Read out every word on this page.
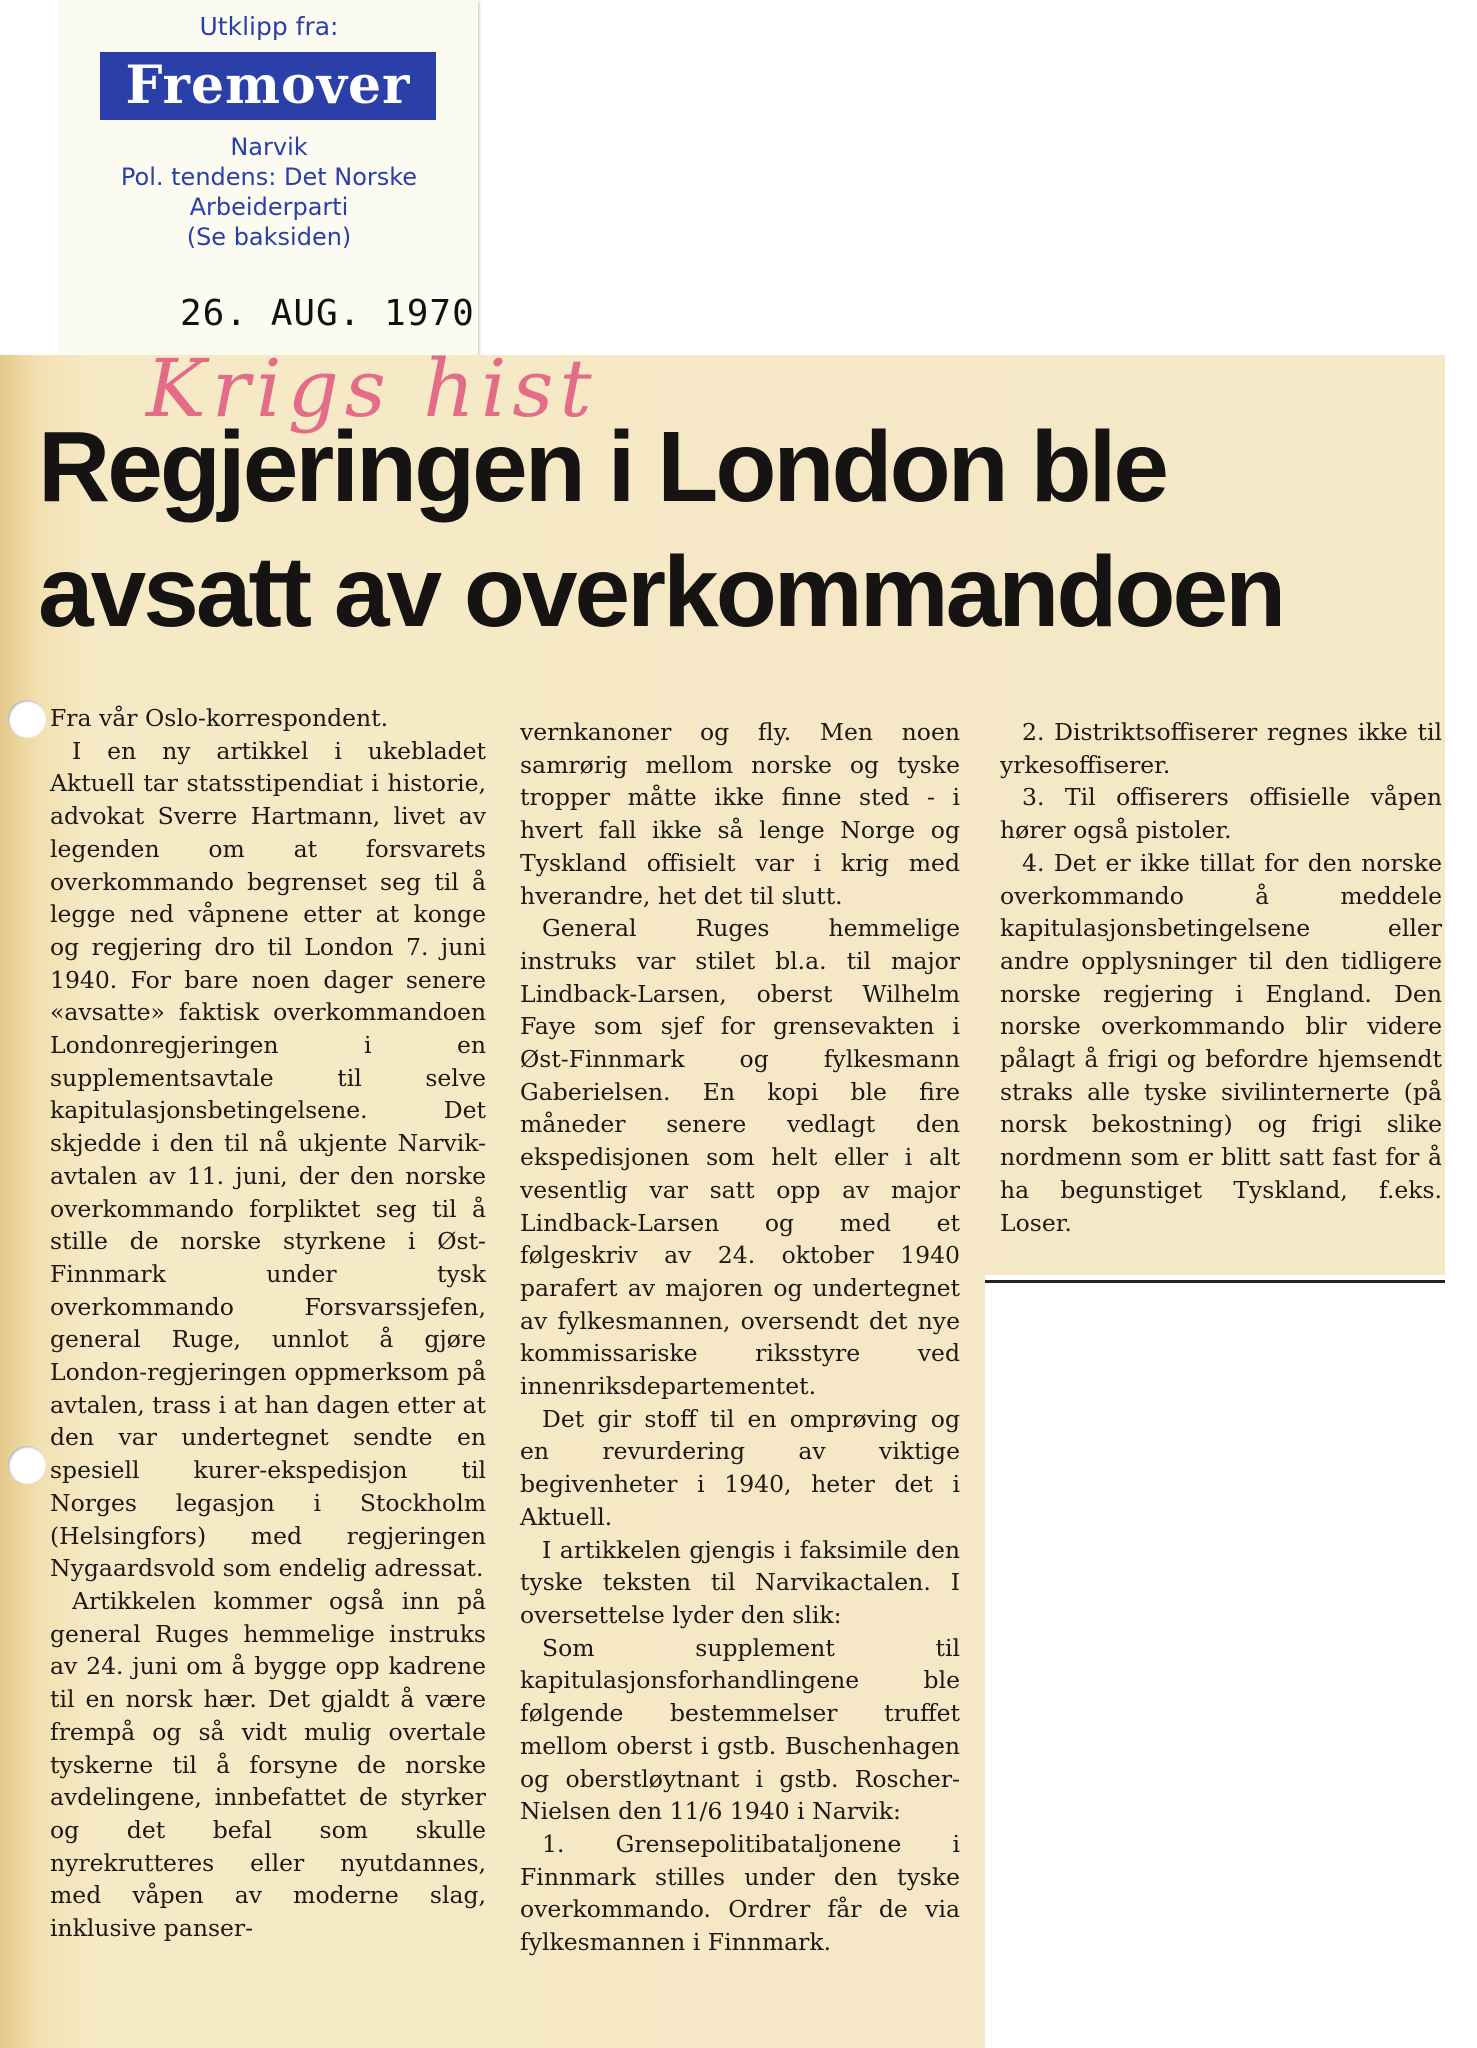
Utklipp fra:
Fremover
Narvik
Pol. tendens: Det Norske
Arbeiderparti
(Se baksiden)
26. AUG. 1970
Regjeringen i London ble
avsatt av overkommandoen
Krigs hist

Fra vår Oslo-korrespondent.

I en ny artikkel i ukebladet Aktuell tar statsstipendiat i historie, advokat Sverre Hartmann, livet av legenden om at forsvarets overkommando begrenset seg til å legge ned våpnene etter at konge og regjering dro til London 7. juni 1940. For bare noen dager senere «avsatte» faktisk overkommandoen Londonregjeringen i en supplementsavtale til selve kapitulasjonsbetingelsene. Det skjedde i den til nå ukjente Narvik-avtalen av 11. juni, der den norske overkommando forpliktet seg til å stille de norske styrkene i Øst-Finnmark under tysk overkommando Forsvarssjefen, general Ruge, unnlot å gjøre London-regjeringen oppmerksom på avtalen, trass i at han dagen etter at den var undertegnet sendte en spesiell kurer-ekspedisjon til Norges legasjon i Stockholm (Helsingfors) med regjeringen Nygaardsvold som endelig adressat.

Artikkelen kommer også inn på general Ruges hemmelige instruks av 24. juni om å bygge opp kadrene til en norsk hær. Det gjaldt å være frempå og så vidt mulig overtale tyskerne til å forsyne de norske avdelingene, innbefattet de styrker og det befal som skulle nyrekrutteres eller nyutdannes, med våpen av moderne slag, inklusive panser-

vernkanoner og fly. Men noen samrørig mellom norske og tyske tropper måtte ikke finne sted - i hvert fall ikke så lenge Norge og Tyskland offisielt var i krig med hverandre, het det til slutt.

General Ruges hemmelige instruks var stilet bl.a. til major Lindback-Larsen, oberst Wilhelm Faye som sjef for grensevakten i Øst-Finnmark og fylkesmann Gaberielsen. En kopi ble fire måneder senere vedlagt den ekspedisjonen som helt eller i alt vesentlig var satt opp av major Lindback-Larsen og med et følgeskriv av 24. oktober 1940 parafert av majoren og undertegnet av fylkesmannen, oversendt det nye kommissariske riksstyre ved innenriksdepartementet.

Det gir stoff til en omprøving og en revurdering av viktige begivenheter i 1940, heter det i Aktuell.

I artikkelen gjengis i faksimile den tyske teksten til Narvikactalen. I oversettelse lyder den slik:

Som supplement til kapitulasjonsforhandlingene ble følgende bestemmelser truffet mellom oberst i gstb. Buschenhagen og oberstløytnant i gstb. Roscher-Nielsen den 11/6 1940 i Narvik:

1. Grensepolitibataljonene i Finnmark stilles under den tyske overkommando. Ordrer får de via fylkesmannen i Finnmark.

2. Distriktsoffiserer regnes ikke til yrkesoffiserer.

3. Til offiserers offisielle våpen hører også pistoler.

4. Det er ikke tillat for den norske overkommando å meddele kapitulasjonsbetingelsene eller andre opplysninger til den tidligere norske regjering i England. Den norske overkommando blir videre pålagt å frigi og befordre hjemsendt straks alle tyske sivilinternerte (på norsk bekostning) og frigi slike nordmenn som er blitt satt fast for å ha begunstiget Tyskland, f.eks. Loser.
